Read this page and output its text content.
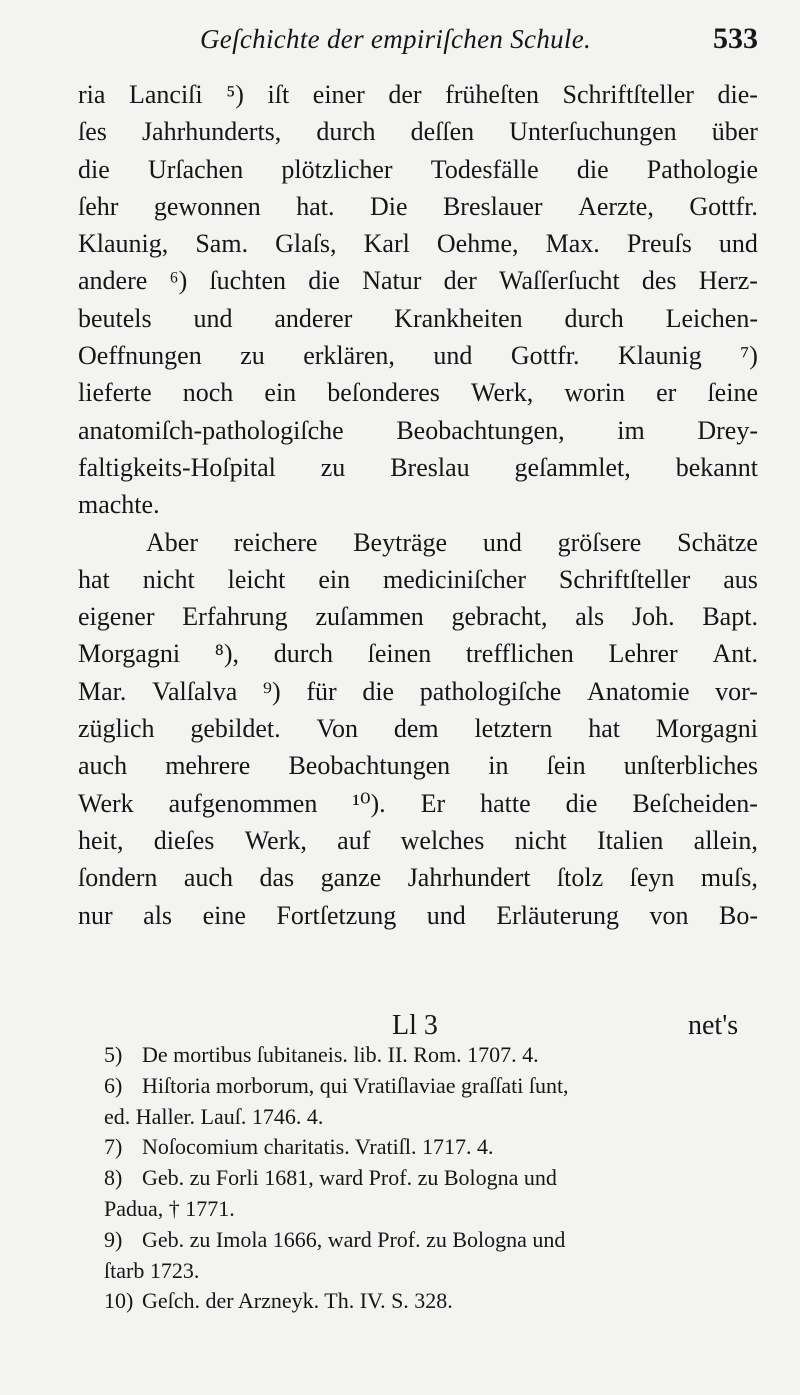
Geſchichte der empiriſchen Schule.	533
ria Lanciſi ⁵) iſt einer der früheſten Schriftſteller die-
ſes Jahrhunderts, durch deſſen Unterſuchungen über
die Urſachen plötzlicher Todesfälle die Pathologie
ſehr gewonnen hat. Die Breslauer Aerzte, Gottfr.
Klaunig, Sam. Glaſs, Karl Oehme, Max. Preuſs und
andere ⁶) ſuchten die Natur der Waſſerſucht des Herz-
beutels und anderer Krankheiten durch Leichen-
Oeffnungen zu erklären, und Gottfr. Klaunig ⁷)
lieferte noch ein beſonderes Werk, worin er ſeine
anatomiſch-pathologiſche Beobachtungen, im Drey-
faltigkeits-Hoſpital zu Breslau geſammlet, bekannt
machte.
Aber reichere Beyträge und gröſsere Schätze
hat nicht leicht ein mediciniſcher Schriftſteller aus
eigener Erfahrung zuſammen gebracht, als Joh. Bapt.
Morgagni ⁸), durch ſeinen trefflichen Lehrer Ant.
Mar. Valſalva ⁹) für die pathologiſche Anatomie vor-
züglich gebildet. Von dem letztern hat Morgagni
auch mehrere Beobachtungen in ſein unſterbliches
Werk aufgenommen ¹⁰). Er hatte die Beſcheiden-
heit, dieſes Werk, auf welches nicht Italien allein,
ſondern auch das ganze Jahrhundert ſtolz ſeyn muſs,
nur als eine Fortſetzung und Erläuterung von Bo-
Ll 3	net's
5) De mortibus ſubitaneis. lib. II. Rom. 1707. 4.
6) Hiſtoria morborum, qui Vratiſlaviae graſſati ſunt,
ed. Haller. Lauſ. 1746. 4.
7) Noſocomium charitatis. Vratiſl. 1717. 4.
8) Geb. zu Forli 1681, ward Prof. zu Bologna und
Padua, † 1771.
9) Geb. zu Imola 1666, ward Prof. zu Bologna und
ſtarb 1723.
10) Geſch. der Arzneyk. Th. IV. S. 328.
